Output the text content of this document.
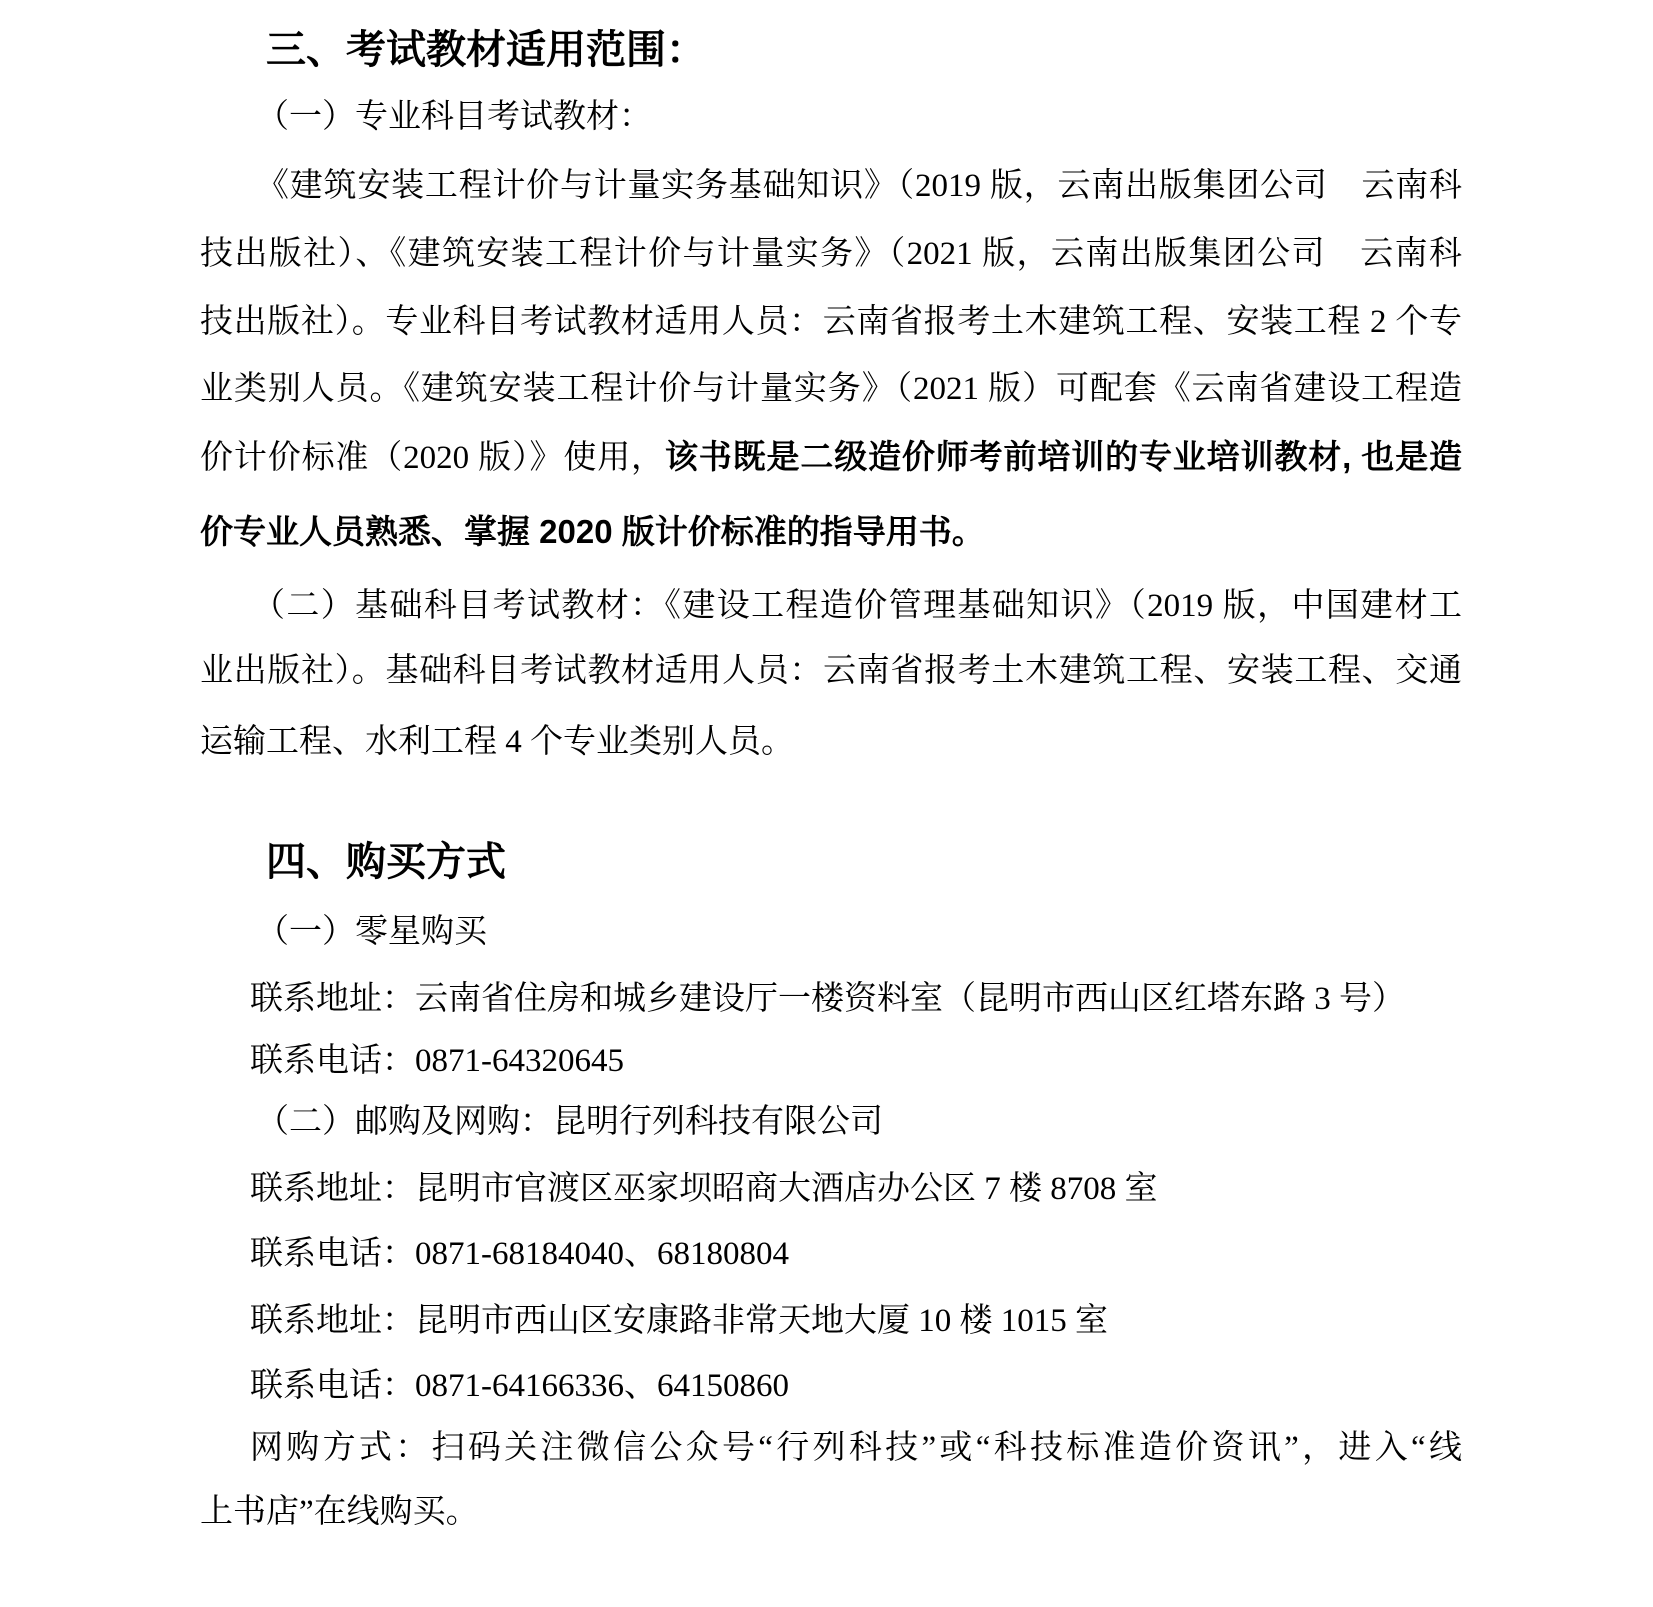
三、考试教材适用范围：

（一）专业科目考试教材：

《建筑安装工程计价与计量实务基础知识》（2019 版，云南出版集团公司　云南科

技出版社）、《建筑安装工程计价与计量实务》（2021 版，云南出版集团公司　云南科

技出版社）。专业科目考试教材适用人员：云南省报考土木建筑工程、安装工程 2 个专

业类别人员。《建筑安装工程计价与计量实务》（2021 版）可配套《云南省建设工程造

价计价标准（2020 版）》使用，该书既是二级造价师考前培训的专业培训教材, 也是造

价专业人员熟悉、掌握 2020 版计价标准的指导用书。

（二）基础科目考试教材：《建设工程造价管理基础知识》（2019 版，中国建材工

业出版社）。基础科目考试教材适用人员：云南省报考土木建筑工程、安装工程、交通

运输工程、水利工程 4 个专业类别人员。

四、购买方式

（一）零星购买

联系地址：云南省住房和城乡建设厅一楼资料室（昆明市西山区红塔东路 3 号）

联系电话：0871-64320645

（二）邮购及网购：昆明行列科技有限公司

联系地址：昆明市官渡区巫家坝昭商大酒店办公区 7 楼 8708 室

联系电话：0871-68184040、68180804

联系地址：昆明市西山区安康路非常天地大厦 10 楼 1015 室

联系电话：0871-64166336、64150860

网购方式：扫码关注微信公众号“行列科技”或“科技标准造价资讯”，进入“线

上书店”在线购买。
